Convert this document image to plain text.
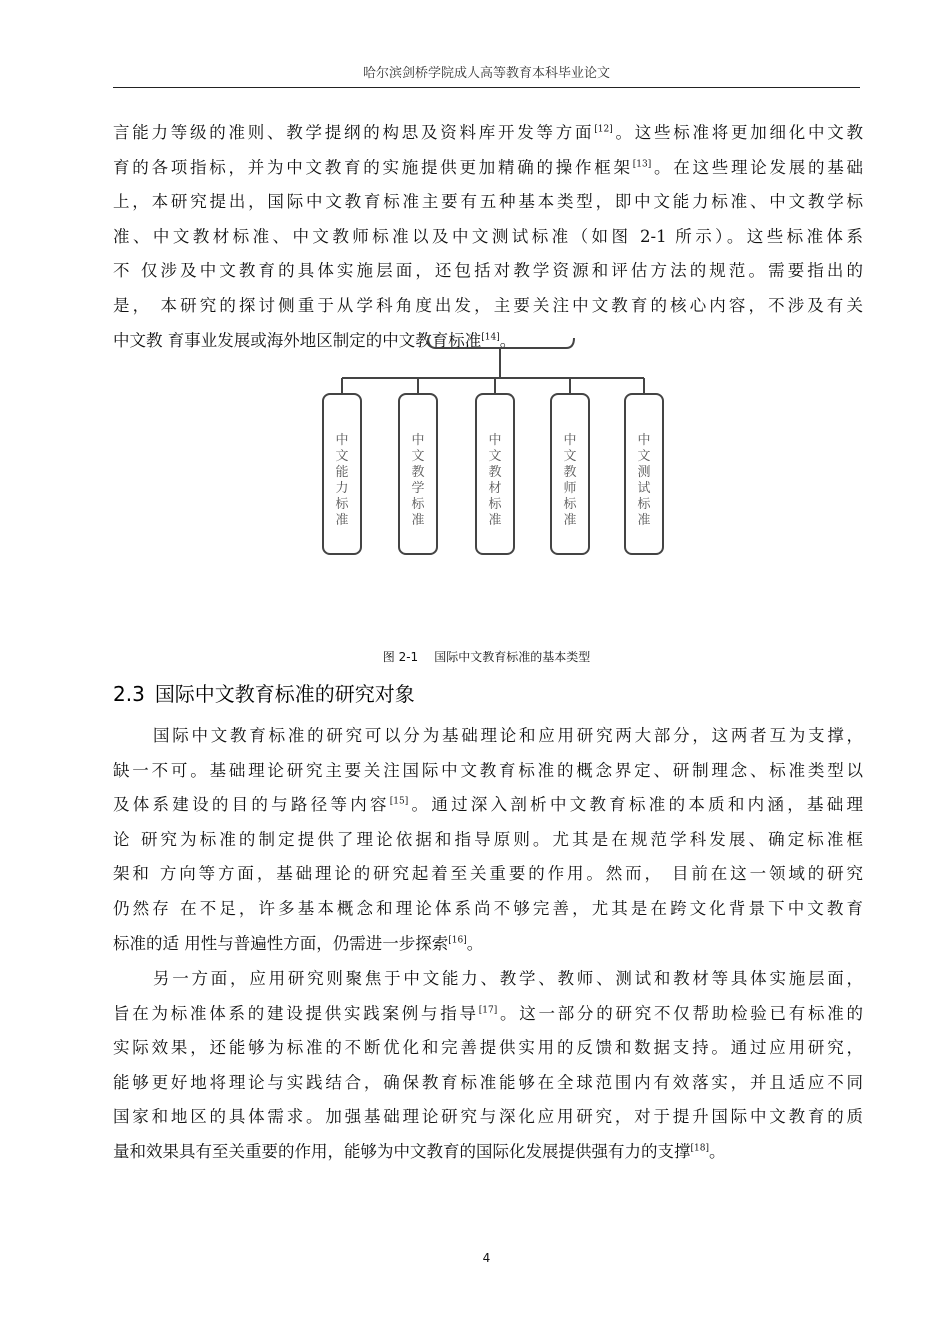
哈尔滨剑桥学院成人高等教育本科毕业论文
言能力等级的准则、教学提纲的构思及资料库开发等方面[12]。这些标准将更加细化中文教
育的各项指标，并为中文教育的实施提供更加精确的操作框架[13]。在这些理论发展的基础
上，本研究提出，国际中文教育标准主要有五种基本类型，即中文能力标准、中文教学标
准、中文教材标准、中文教师标准以及中文测试标准（如图 2-1 所示）。这些标准体系
不 仅涉及中文教育的具体实施层面，还包括对教学资源和评估方法的规范。需要指出的
是， 本研究的探讨侧重于从学科角度出发，主要关注中文教育的核心内容，不涉及有关
中文教 育事业发展或海外地区制定的中文教育标准[14]。
中文能力标准
中文教学标准
中文教材标准
中文教师标准
中文测试标准
图 2-1 国际中文教育标准的基本类型
2.3 国际中文教育标准的研究对象
国际中文教育标准的研究可以分为基础理论和应用研究两大部分，这两者互为支撑，
缺一不可。基础理论研究主要关注国际中文教育标准的概念界定、研制理念、标准类型以
及体系建设的目的与路径等内容[15]。通过深入剖析中文教育标准的本质和内涵，基础理
论 研究为标准的制定提供了理论依据和指导原则。尤其是在规范学科发展、确定标准框
架和 方向等方面，基础理论的研究起着至关重要的作用。然而， 目前在这一领域的研究
仍然存 在不足，许多基本概念和理论体系尚不够完善，尤其是在跨文化背景下中文教育
标准的适 用性与普遍性方面，仍需进一步探索[16]。
另一方面，应用研究则聚焦于中文能力、教学、教师、测试和教材等具体实施层面，
旨在为标准体系的建设提供实践案例与指导[17]。这一部分的研究不仅帮助检验已有标准的
实际效果，还能够为标准的不断优化和完善提供实用的反馈和数据支持。通过应用研究，
能够更好地将理论与实践结合，确保教育标准能够在全球范围内有效落实，并且适应不同
国家和地区的具体需求。加强基础理论研究与深化应用研究，对于提升国际中文教育的质
量和效果具有至关重要的作用，能够为中文教育的国际化发展提供强有力的支撑[18]。
4
